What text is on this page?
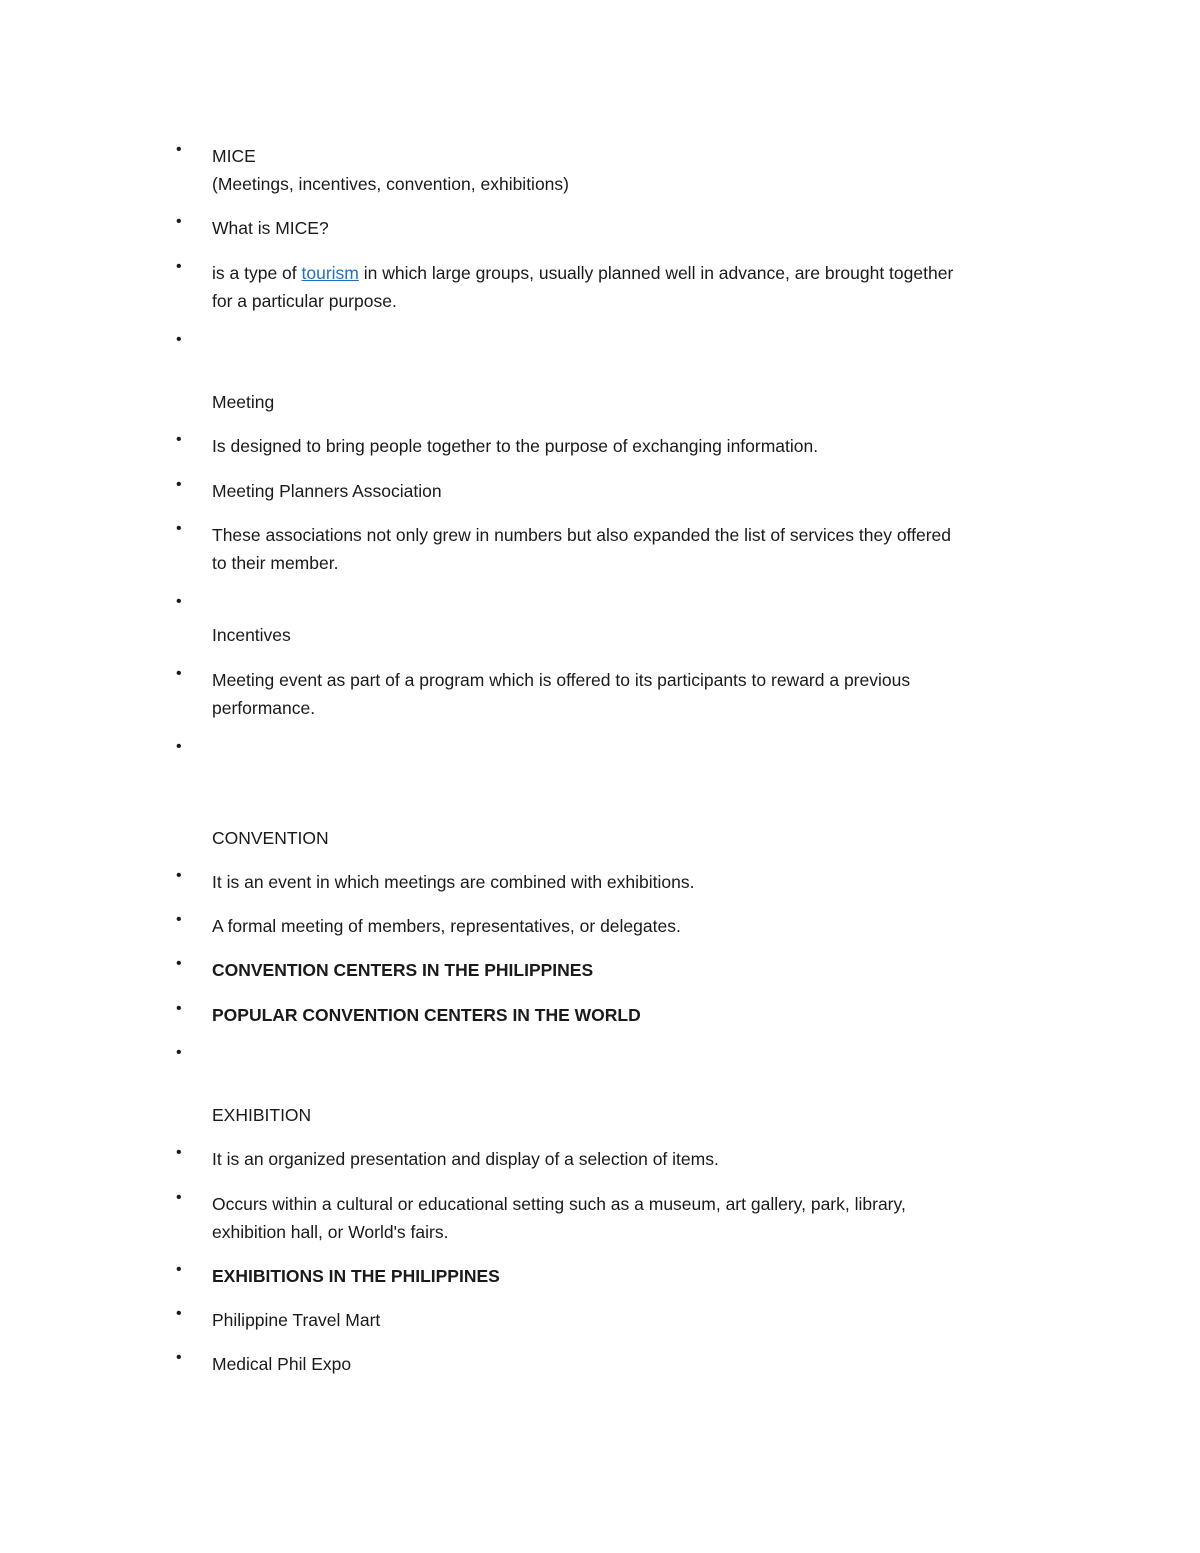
•
MICE
(Meetings, incentives, convention, exhibitions)
•
What is MICE?
•
is a type of tourism in which large groups, usually planned well in advance, are brought together
for a particular purpose.
•
Meeting
•
Is designed to bring people together to the purpose of exchanging information.
•
Meeting Planners Association
•
These associations not only grew in numbers but also expanded the list of services they offered
to their member.
•
Incentives
•
Meeting event as part of a program which is offered to its participants to reward a previous
performance.
•
CONVENTION
•
It is an event in which meetings are combined with exhibitions.
•
A formal meeting of members, representatives, or delegates.
•
CONVENTION CENTERS IN THE PHILIPPINES
•
POPULAR CONVENTION CENTERS IN THE WORLD
•
EXHIBITION
•
It is an organized presentation and display of a selection of items.
•
Occurs within a cultural or educational setting such as a museum, art gallery, park, library,
exhibition hall, or World's fairs.
•
EXHIBITIONS IN THE PHILIPPINES
•
Philippine Travel Mart
•
Medical Phil Expo
